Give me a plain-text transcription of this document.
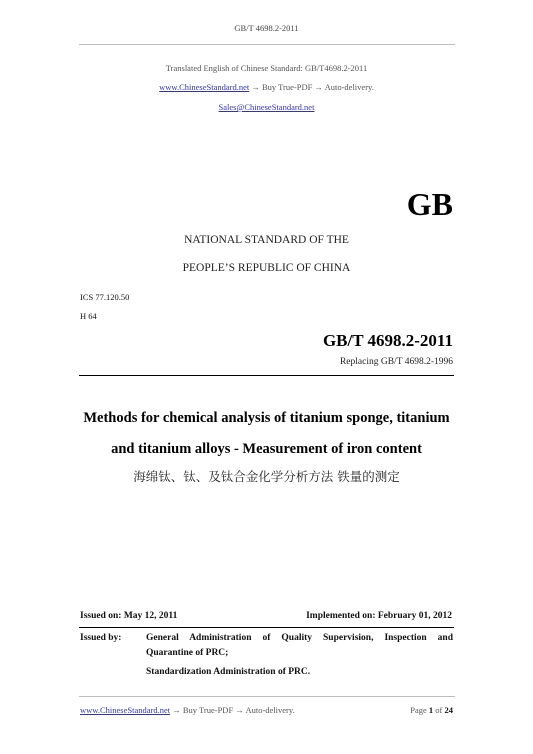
GB/T 4698.2-2011
Translated English of Chinese Standard: GB/T4698.2-2011
www.ChineseStandard.net → Buy True-PDF → Auto-delivery.
Sales@ChineseStandard.net
GB
NATIONAL STANDARD OF THE
PEOPLE’S REPUBLIC OF CHINA
ICS 77.120.50
H 64
GB/T 4698.2-2011
Replacing GB/T 4698.2-1996
Methods for chemical analysis of titanium sponge, titanium
and titanium alloys - Measurement of iron content
海绵钛、钛、及钛合金化学分析方法 铁量的测定
Issued on: May 12, 2011	Implemented on: February 01, 2012
Issued by:	General Administration of Quality Supervision, Inspection and
Quarantine of PRC;
Standardization Administration of PRC.
www.ChineseStandard.net → Buy True-PDF → Auto-delivery.	Page 1 of 24
